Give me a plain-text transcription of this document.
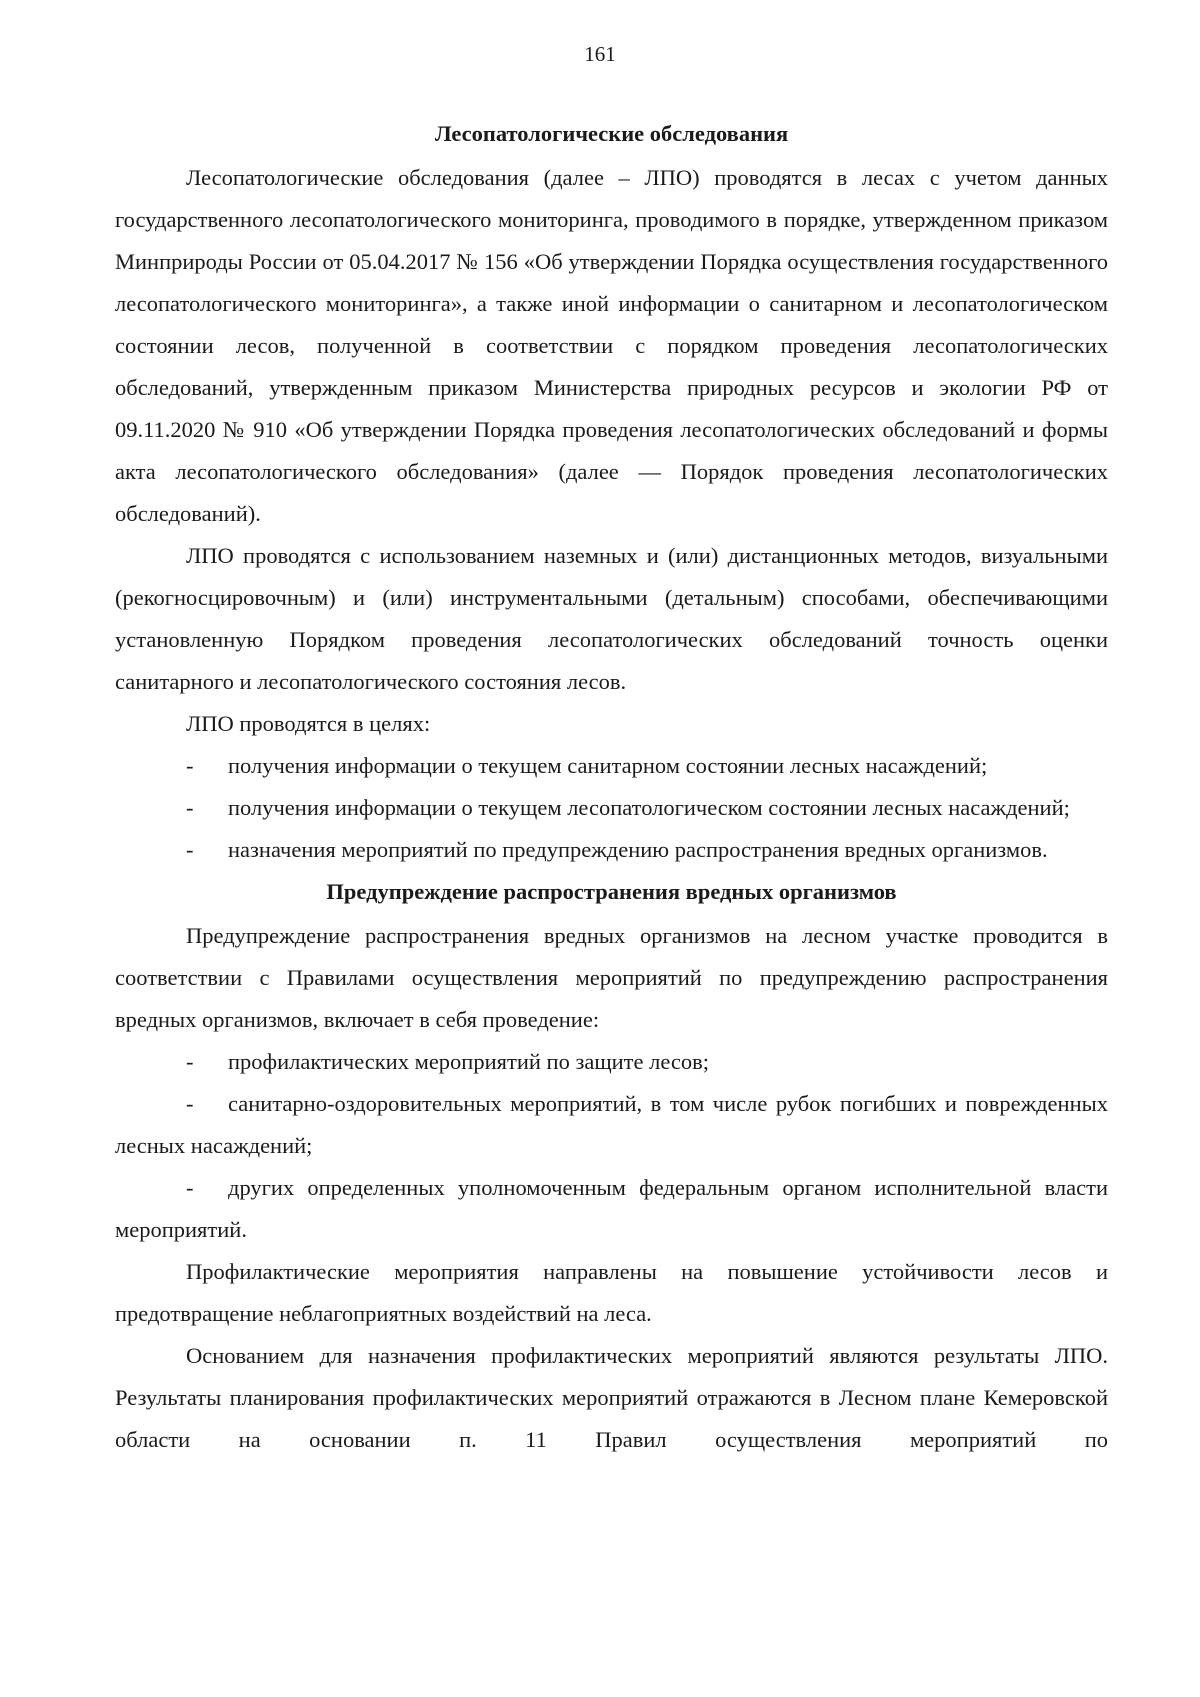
161

Лесопатологические обследования

Лесопатологические обследования (далее – ЛПО) проводятся в лесах с учетом данных государственного лесопатологического мониторинга, проводимого в порядке, утвержденном приказом Минприроды России от 05.04.2017 № 156 «Об утверждении Порядка осуществления государственного лесопатологического мониторинга», а также иной информации о санитарном и лесопатологическом состоянии лесов, полученной в соответствии с порядком проведения лесопатологических обследований, утвержденным приказом Министерства природных ресурсов и экологии РФ от 09.11.2020 № 910 «Об утверждении Порядка проведения лесопатологических обследований и формы акта лесопатологического обследования» (далее — Порядок проведения лесопатологических обследований).

ЛПО проводятся с использованием наземных и (или) дистанционных методов, визуальными (рекогносцировочным) и (или) инструментальными (детальным) способами, обеспечивающими установленную Порядком проведения лесопатологических обследований точность оценки санитарного и лесопатологического состояния лесов.

ЛПО проводятся в целях:

- получения информации о текущем санитарном состоянии лесных насаждений;

- получения информации о текущем лесопатологическом состоянии лесных насаждений;

- назначения мероприятий по предупреждению распространения вредных организмов.

Предупреждение распространения вредных организмов

Предупреждение распространения вредных организмов на лесном участке проводится в соответствии с Правилами осуществления мероприятий по предупреждению распространения вредных организмов, включает в себя проведение:

- профилактических мероприятий по защите лесов;

- санитарно-оздоровительных мероприятий, в том числе рубок погибших и поврежденных лесных насаждений;

- других определенных уполномоченным федеральным органом исполнительной власти мероприятий.

Профилактические мероприятия направлены на повышение устойчивости лесов и предотвращение неблагоприятных воздействий на леса.

Основанием для назначения профилактических мероприятий являются результаты ЛПО. Результаты планирования профилактических мероприятий отражаются в Лесном плане Кемеровской области на основании п. 11 Правил осуществления мероприятий по
